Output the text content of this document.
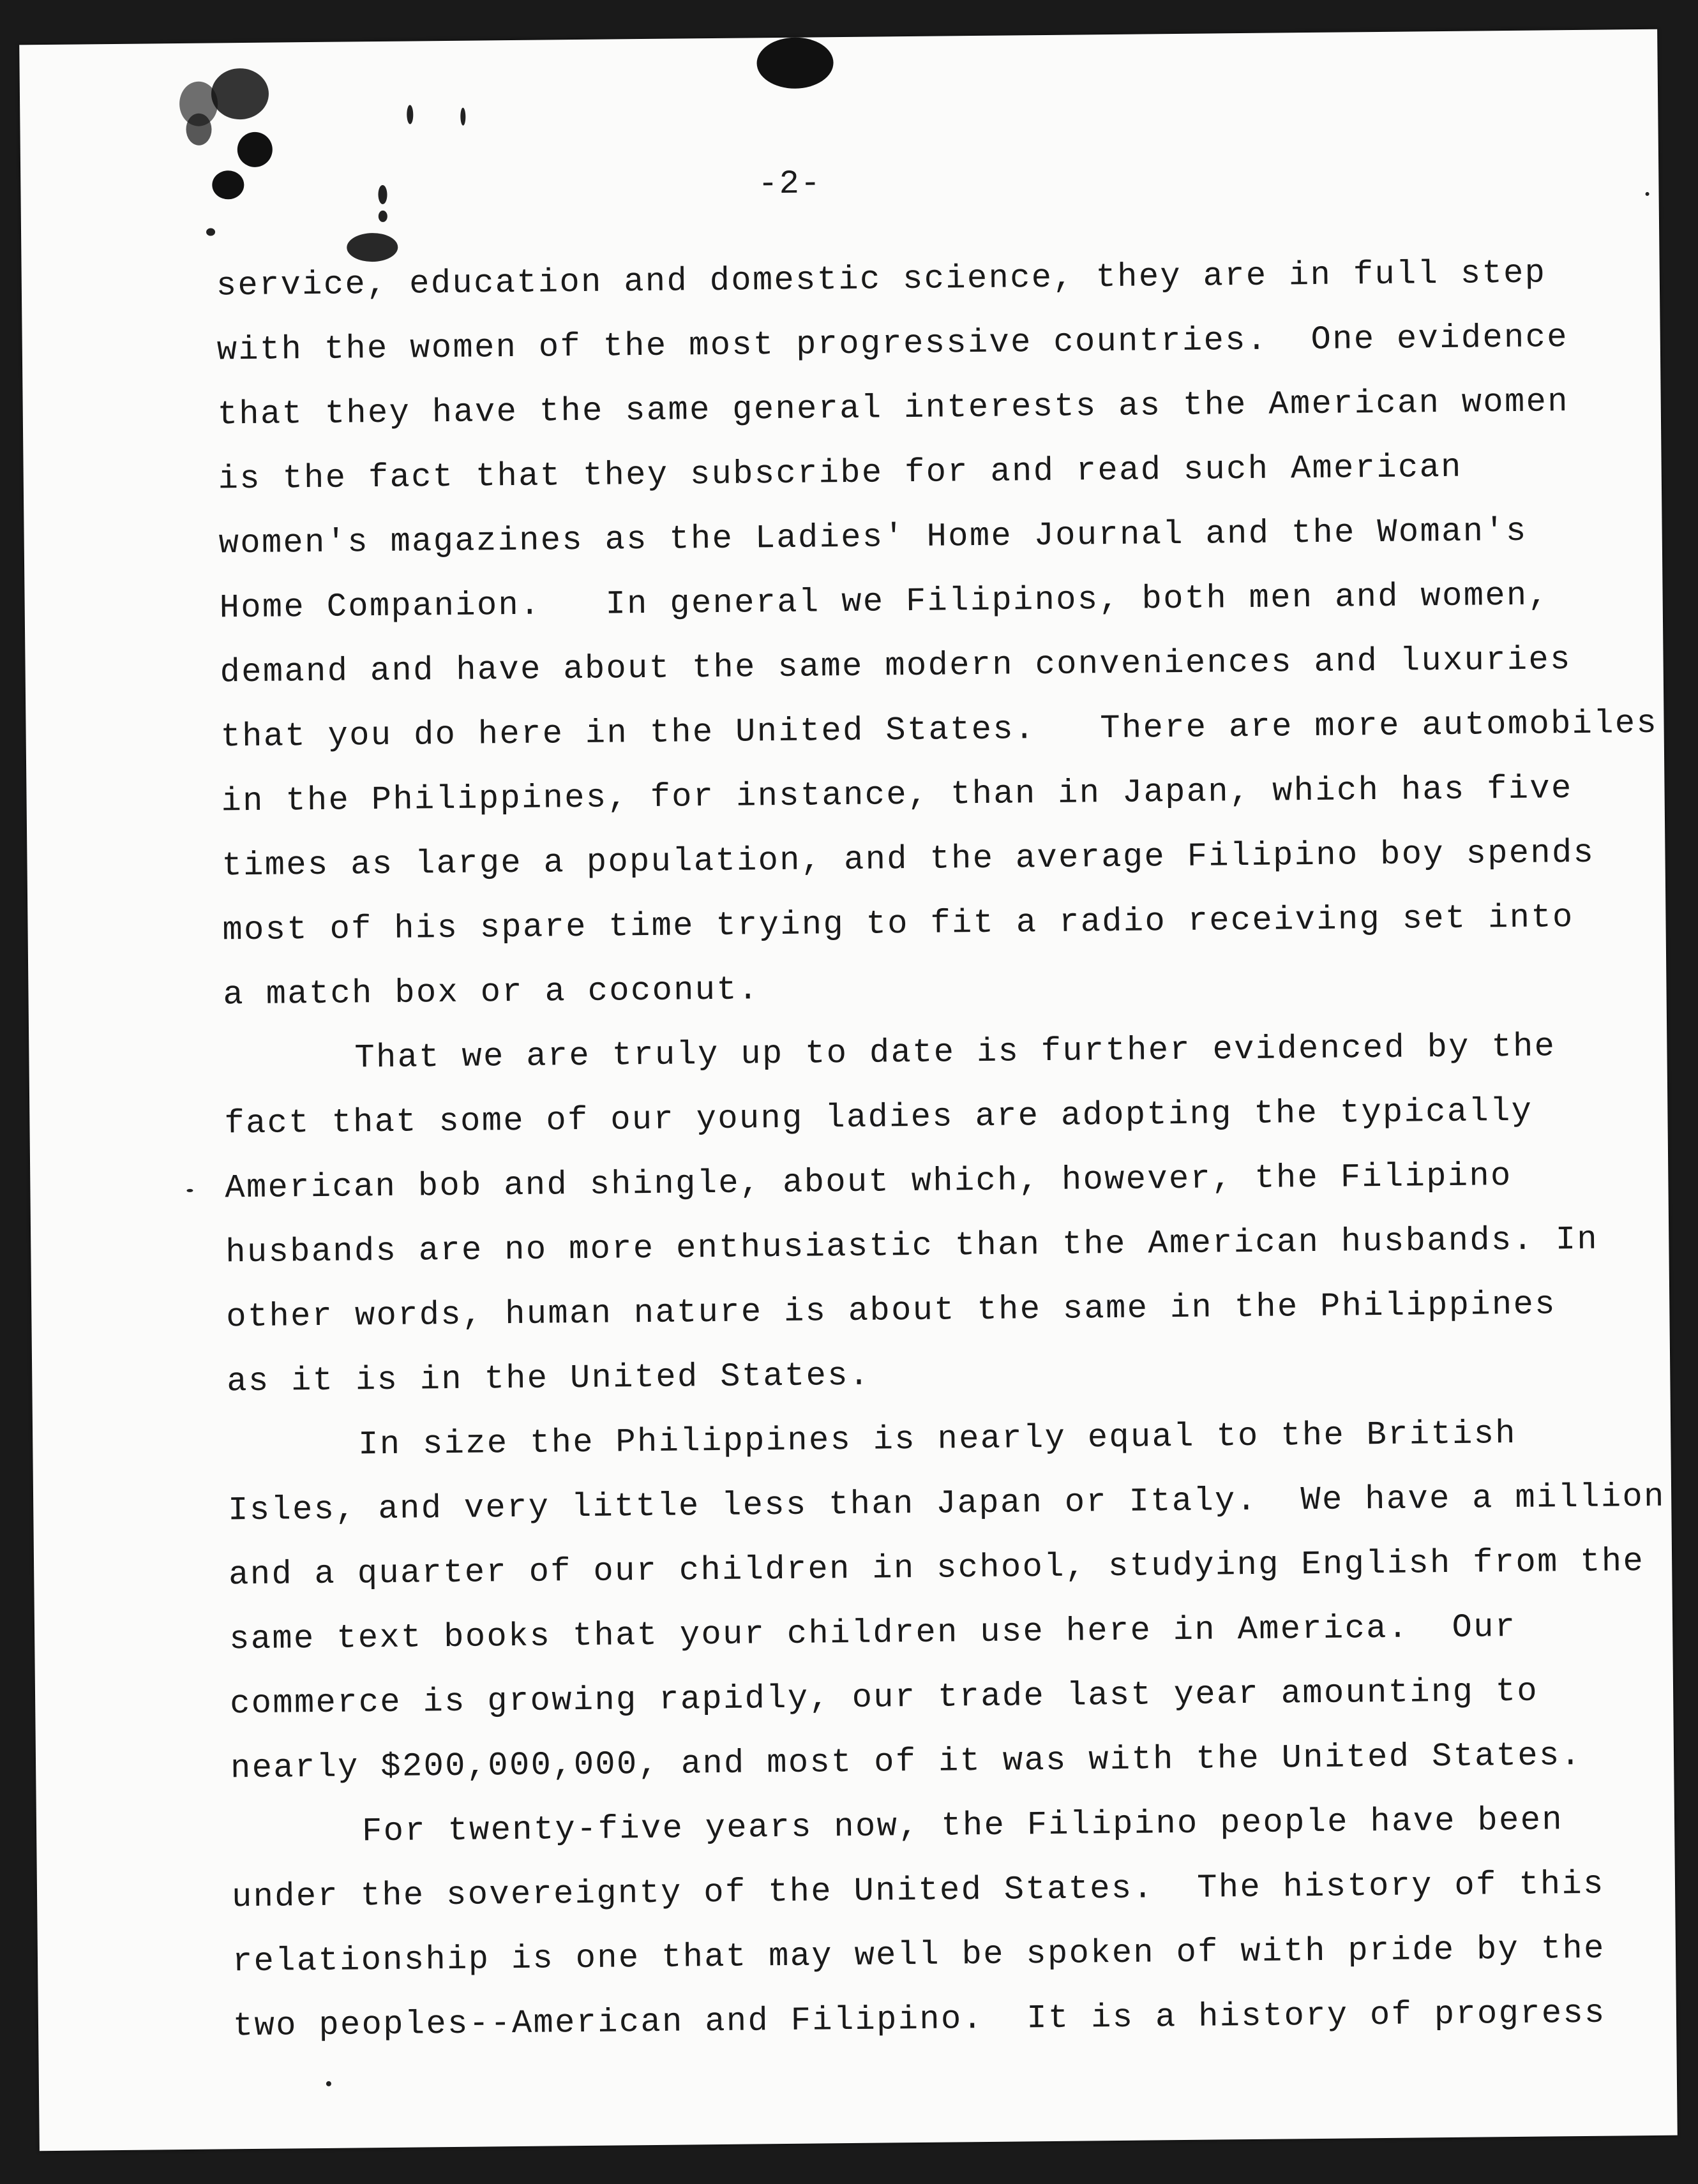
-2-
service, education and domestic science, they are in full step
with the women of the most progressive countries.  One evidence
that they have the same general interests as the American women
is the fact that they subscribe for and read such American
women's magazines as the Ladies' Home Journal and the Woman's
Home Companion.   In general we Filipinos, both men and women,
demand and have about the same modern conveniences and luxuries
that you do here in the United States.   There are more automobiles
in the Philippines, for instance, than in Japan, which has five
times as large a population, and the average Filipino boy spends
most of his spare time trying to fit a radio receiving set into
a match box or a coconut.
That we are truly up to date is further evidenced by the
fact that some of our young ladies are adopting the typically
American bob and shingle, about which, however, the Filipino
husbands are no more enthusiastic than the American husbands. In
other words, human nature is about the same in the Philippines
as it is in the United States.
In size the Philippines is nearly equal to the British
Isles, and very little less than Japan or Italy.  We have a million
and a quarter of our children in school, studying English from the
same text books that your children use here in America.  Our
commerce is growing rapidly, our trade last year amounting to
nearly $200,000,000, and most of it was with the United States.
For twenty-five years now, the Filipino people have been
under the sovereignty of the United States.  The history of this
relationship is one that may well be spoken of with pride by the
two peoples--American and Filipino.  It is a history of progress
